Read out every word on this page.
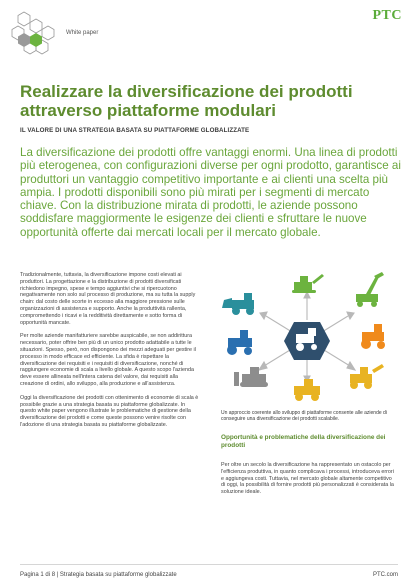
White paper
PTC
Realizzare la diversificazione dei prodotti attraverso piattaforme modulari
IL VALORE DI UNA STRATEGIA BASATA SU PIATTAFORME GLOBALIZZATE

La diversificazione dei prodotti offre vantaggi enormi. Una linea di prodotti più eterogenea, con configurazioni diverse per ogni prodotto, garantisce ai produttori un vantaggio competitivo importante e ai clienti una scelta più ampia. I prodotti disponibili sono più mirati per i segmenti di mercato chiave. Con la distribuzione mirata di prodotti, le aziende possono soddisfare maggiormente le esigenze dei clienti e sfruttare le nuove opportunità offerte dai mercati locali per il mercato globale.

Tradizionalmente, tuttavia, la diversificazione impone costi elevati ai produttori. La progettazione e la distribuzione di prodotti diversificati richiedono impegno, spese e tempo aggiuntivi che si ripercuotono negativamente non solo sul processo di produzione, ma su tutta la supply chain: dal costo delle scorte in eccesso alla maggiore pressione sulle organizzazioni di assistenza e supporto. Anche la produttività rallenta, compromettendo i ricavi e la redditività direttamente e sotto forma di opportunità mancate.

Per molte aziende manifatturiere sarebbe auspicabile, se non addirittura necessario, poter offrire ben più di un unico prodotto adattabile a tutte le situazioni. Spesso, però, non dispongono dei mezzi adeguati per gestire il processo in modo efficace ed efficiente. La sfida è rispettare la diversificazione dei requisiti e i requisiti di diversificazione, nonché di raggiungere economie di scala a livello globale. A questo scopo l'azienda deve essere allineata nell'intera catena del valore, dai requisiti alla creazione di ordini, allo sviluppo, alla produzione e all'assistenza.

Oggi la diversificazione dei prodotti con ottenimento di economie di scala è possibile grazie a una strategia basata su piattaforme globalizzate. In questo white paper vengono illustrate le problematiche di gestione della diversificazione dei prodotti e come queste possono venire risolte con l'adozione di una strategia basata su piattaforme globalizzate.

Un approccio coerente allo sviluppo di piattaforme consente alle aziende di conseguire una diversificazione dei prodotti scalabile.

Opportunità e problematiche della diversificazione dei prodotti

Per oltre un secolo la diversificazione ha rappresentato un ostacolo per l'efficienza produttiva, in quanto complicava i processi, introduceva errori e aggiungeva costi. Tuttavia, nel mercato globale altamente competitivo di oggi, la possibilità di fornire prodotti più personalizzati è considerata la soluzione ideale.

Pagina 1 di 8 | Strategia basata su piattaforme globalizzate	PTC.com
